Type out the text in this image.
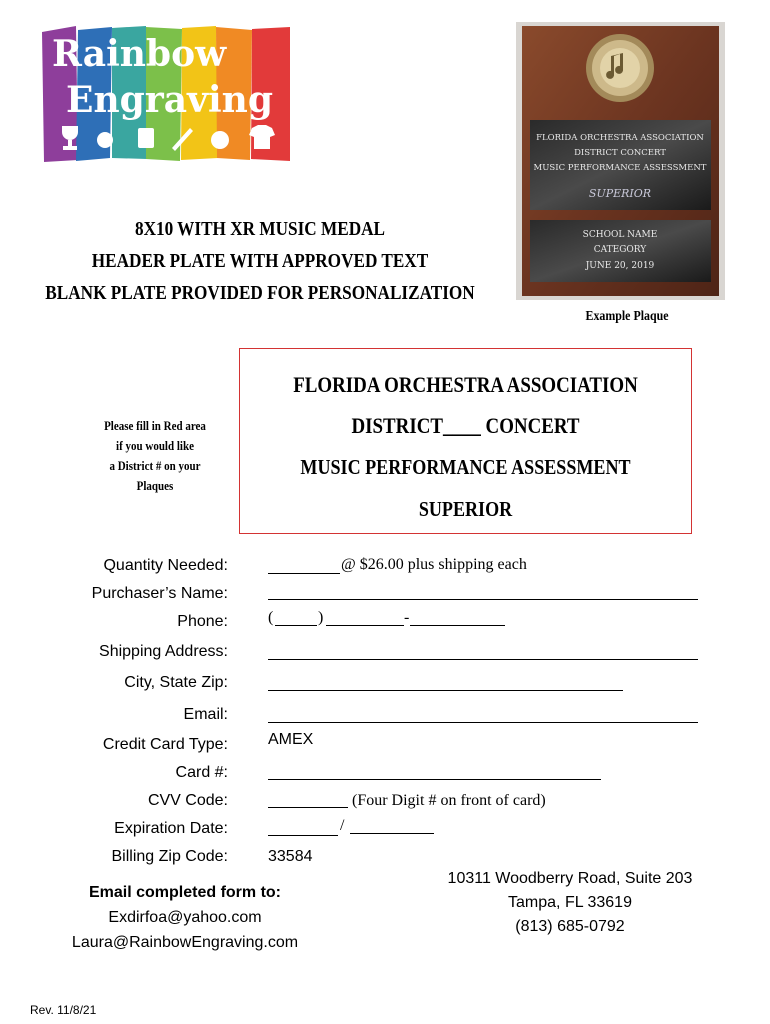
Rainbow
Engraving
8X10 WITH XR MUSIC MEDAL
HEADER PLATE WITH APPROVED TEXT
BLANK PLATE PROVIDED FOR PERSONALIZATION
FLORIDA ORCHESTRA ASSOCIATION
DISTRICT CONCERT
MUSIC PERFORMANCE ASSESSMENT
SUPERIOR
SCHOOL NAME
CATEGORY
JUNE 20, 2019
Example Plaque
FLORIDA ORCHESTRA ASSOCIATION
DISTRICT____ CONCERT
MUSIC PERFORMANCE ASSESSMENT
SUPERIOR
Please fill in Red area
if you would like
a District # on your
Plaques
Quantity Needed:	@ $26.00 plus shipping each
Purchaser’s Name:
Phone:	(	)	-
Shipping Address:
City, State Zip:
Email:
Credit Card Type:	AMEX
Card #:
CVV Code:	(Four Digit # on front of card)
Expiration Date:	/
Billing Zip Code:	33584
Email completed form to:
Exdirfoa@yahoo.com
Laura@RainbowEngraving.com
10311 Woodberry Road, Suite 203
Tampa, FL 33619
(813) 685-0792
Rev. 11/8/21
